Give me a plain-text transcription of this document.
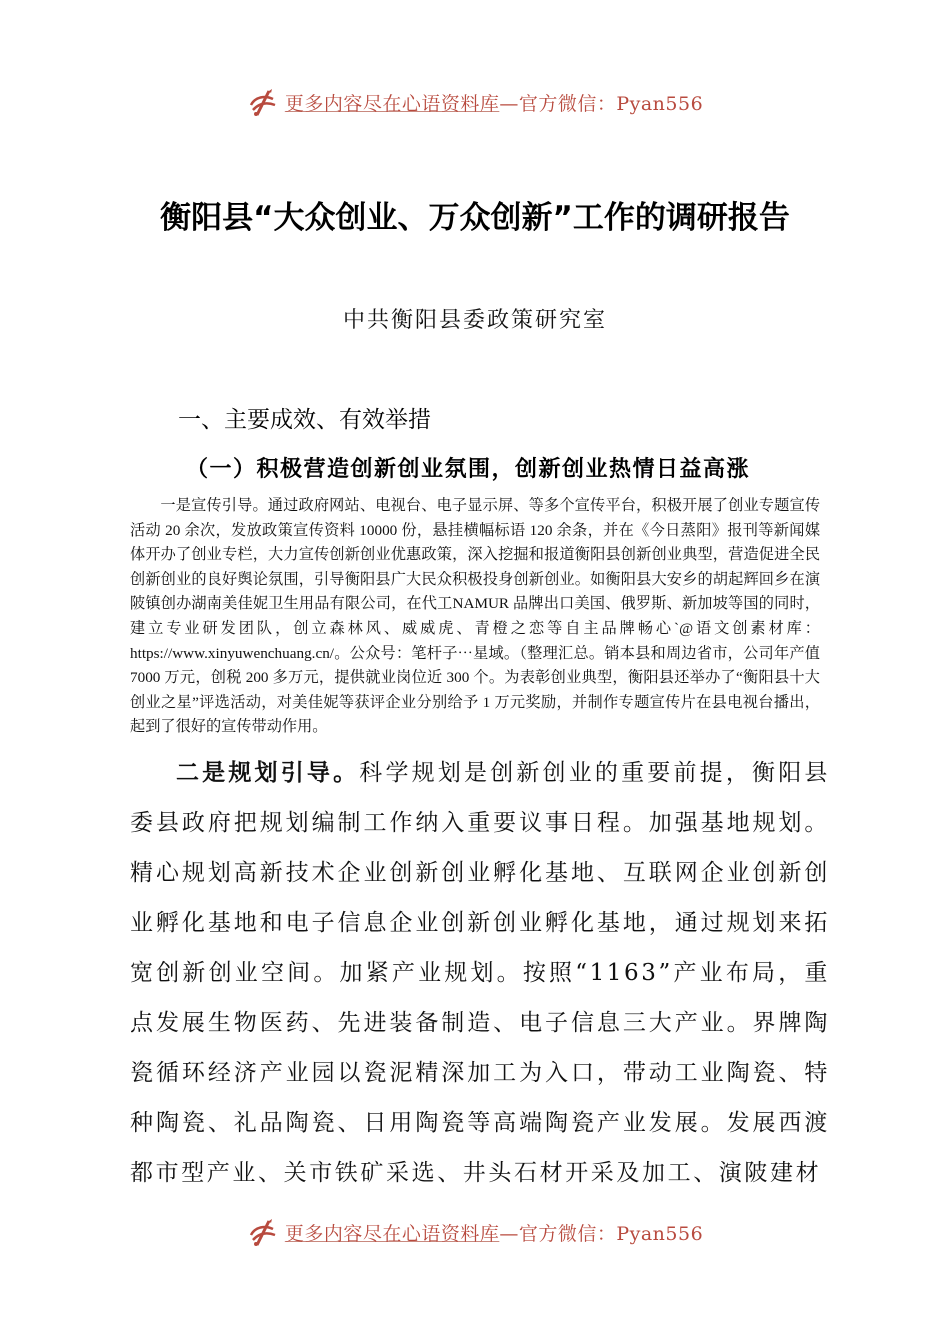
更多内容尽在心语资料库—官方微信：Pyan556
衡阳县“大众创业、万众创新”工作的调研报告
中共衡阳县委政策研究室
一、主要成效、有效举措
（一）积极营造创新创业氛围，创新创业热情日益高涨
一是宣传引导。通过政府网站、电视台、电子显示屏、等多个宣传平台，积极开展了创业专题宣传活动 20 余次，发放政策宣传资料 10000 份，悬挂横幅标语 120 余条，并在《今日蒸阳》报刊等新闻媒体开办了创业专栏，大力宣传创新创业优惠政策，深入挖掘和报道衡阳县创新创业典型，营造促进全民创新创业的良好舆论氛围，引导衡阳县广大民众积极投身创新创业。如衡阳县大安乡的胡起辉回乡在演陂镇创办湖南美佳妮卫生用品有限公司，在代工NAMUR 品牌出口美国、俄罗斯、新加坡等国的同时，建立专业研发团队，创立森林风、威威虎、青橙之恋等自主品牌畅心`@语文创素材库：https://www.xinyuwenchuang.cn/。公众号：笔杆子⋯星域。（整理汇总。销本县和周边省市，公司年产值 7000 万元，创税 200 多万元，提供就业岗位近 300 个。为表彰创业典型，衡阳县还举办了“衡阳县十大创业之星”评选活动，对美佳妮等获评企业分别给予 1 万元奖励，并制作专题宣传片在县电视台播出，起到了很好的宣传带动作用。
二是规划引导。科学规划是创新创业的重要前提，衡阳县委县政府把规划编制工作纳入重要议事日程。加强基地规划。精心规划高新技术企业创新创业孵化基地、互联网企业创新创业孵化基地和电子信息企业创新创业孵化基地，通过规划来拓宽创新创业空间。加紧产业规划。按照“1163”产业布局，重点发展生物医药、先进装备制造、电子信息三大产业。界牌陶瓷循环经济产业园以瓷泥精深加工为入口，带动工业陶瓷、特种陶瓷、礼品陶瓷、日用陶瓷等高端陶瓷产业发展。发展西渡都市型产业、关市铁矿采选、井头石材开采及加工、演陂建材
更多内容尽在心语资料库—官方微信：Pyan556
